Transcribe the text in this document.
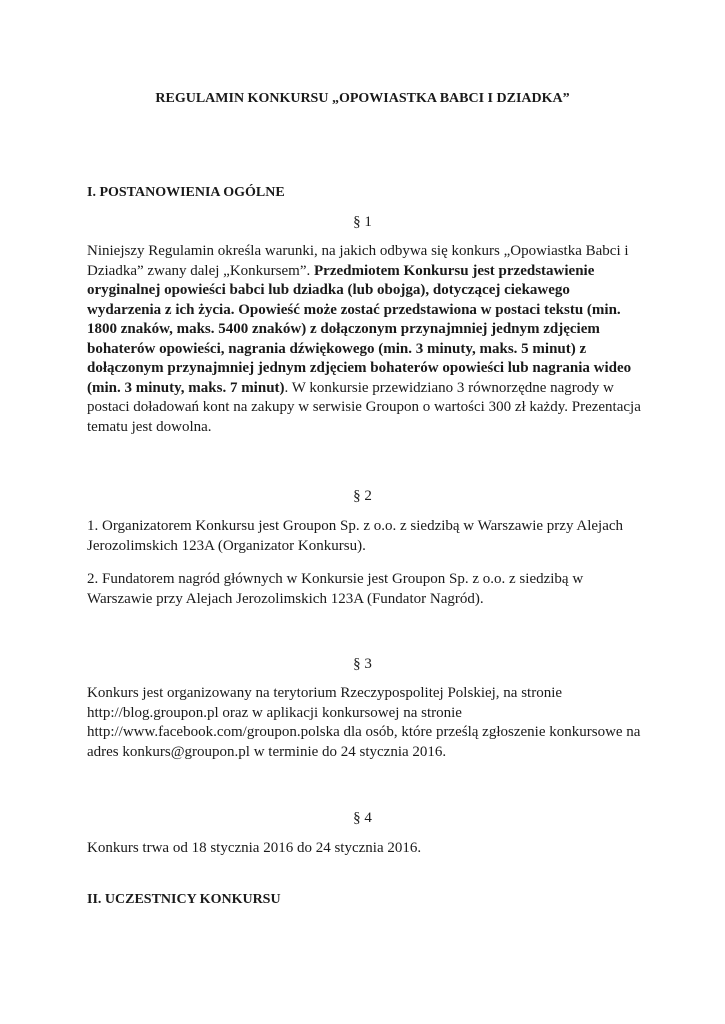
REGULAMIN KONKURSU „OPOWIASTKA BABCI I DZIADKA”
I. POSTANOWIENIA OGÓLNE
§ 1

Niniejszy Regulamin określa warunki, na jakich odbywa się konkurs „Opowiastka Babci i Dziadka” zwany dalej „Konkursem”. Przedmiotem Konkursu jest przedstawienie oryginalnej opowieści babci lub dziadka (lub obojga), dotyczącej ciekawego wydarzenia z ich życia. Opowieść może zostać przedstawiona w postaci tekstu (min. 1800 znaków, maks. 5400 znaków) z dołączonym przynajmniej jednym zdjęciem bohaterów opowieści, nagrania dźwiękowego (min. 3 minuty, maks. 5 minut) z dołączonym przynajmniej jednym zdjęciem bohaterów opowieści lub nagrania wideo (min. 3 minuty, maks. 7 minut). W konkursie przewidziano 3 równorzędne nagrody w postaci doładowań kont na zakupy w serwisie Groupon o wartości 300 zł każdy. Prezentacja tematu jest dowolna.

§ 2
1. Organizatorem Konkursu jest Groupon Sp. z o.o. z siedzibą w Warszawie przy Alejach Jerozolimskich 123A (Organizator Konkursu).
2. Fundatorem nagród głównych w Konkursie jest Groupon Sp. z o.o. z siedzibą w Warszawie przy Alejach Jerozolimskich 123A (Fundator Nagród).
§ 3
Konkurs jest organizowany na terytorium Rzeczypospolitej Polskiej, na stronie http://blog.groupon.pl oraz w aplikacji konkursowej na stronie http://www.facebook.com/groupon.polska dla osób, które prześlą zgłoszenie konkursowe na adres konkurs@groupon.pl w terminie do 24 stycznia 2016.
§ 4
Konkurs trwa od 18 stycznia 2016 do 24 stycznia 2016.
II. UCZESTNICY KONKURSU
